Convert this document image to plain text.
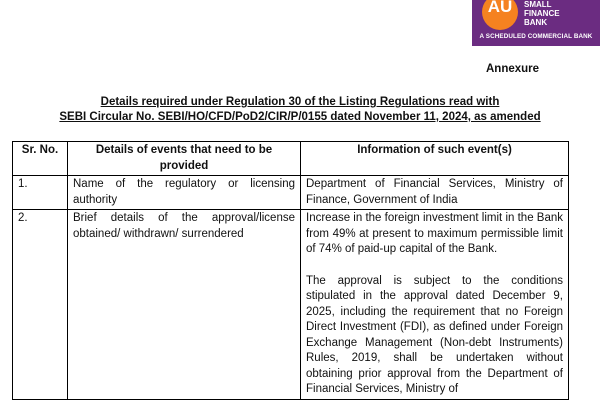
AU	SMALL
FINANCE
BANK
A SCHEDULED COMMERCIAL BANK
Annexure
Details required under Regulation 30 of the Listing Regulations read with
SEBI Circular No. SEBI/HO/CFD/PoD2/CIR/P/0155 dated November 11, 2024, as amended
Sr. No.	Details of events that need to be provided	Information of such event(s)
1.	Name of the regulatory or licensing authority	Department of Financial Services, Ministry of Finance, Government of India

2.	Brief details of the approval/license obtained/ withdrawn/ surrendered	Increase in the foreign investment limit in the Bank from 49% at present to maximum permissible limit of 74% of paid-up capital of the Bank.

The approval is subject to the conditions stipulated in the approval dated December 9, 2025, including the requirement that no Foreign Direct Investment (FDI), as defined under Foreign Exchange Management (Non-debt Instruments) Rules, 2019, shall be undertaken without obtaining prior approval from the Department of Financial Services, Ministry of
